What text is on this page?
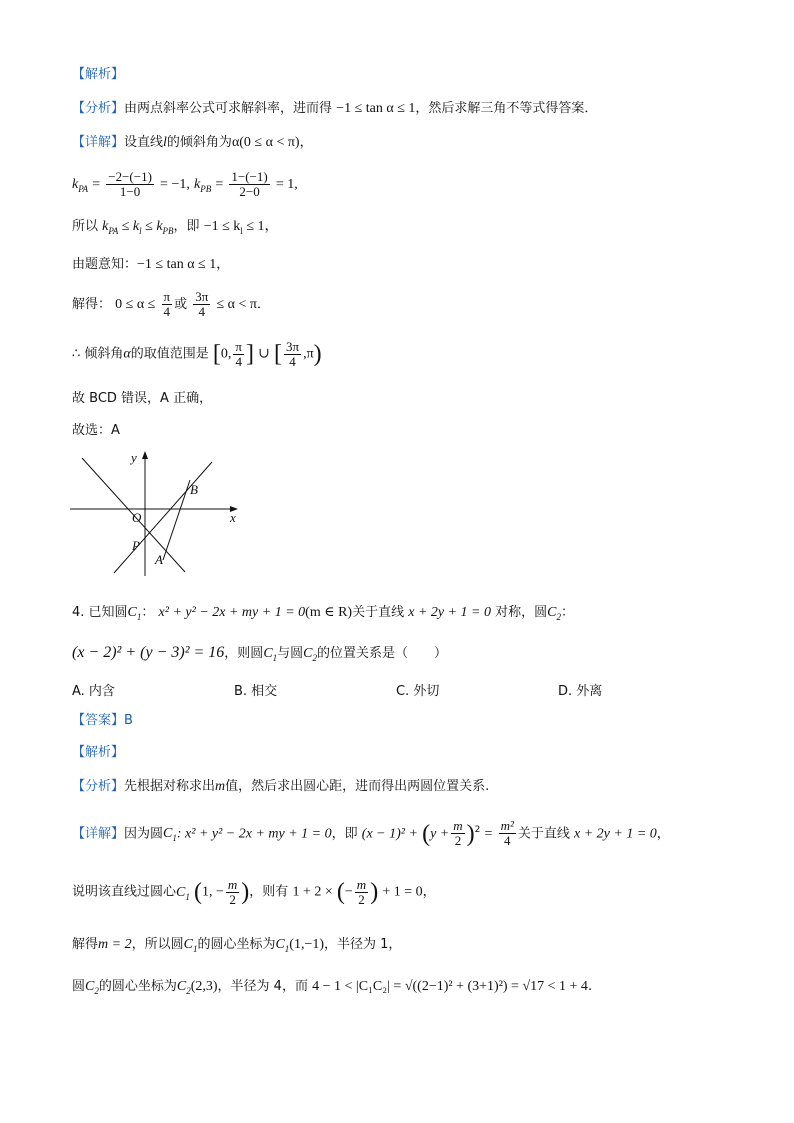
【解析】
【分析】由两点斜率公式可求解斜率，进而得 −1 ≤ tan α ≤ 1，然后求解三角不等式得答案．
【详解】设直线l的倾斜角为α(0 ≤ α < π)，
$k_{PA} = \frac{-2-(-1)}{1-0} = -1$, $k_{PB} = \frac{1-(-1)}{2-0} = 1$,
所以 $k_{PA} \le k_l \le k_{PB}$，即 $-1 \le k_l \le 1$，
由题意知：−1 ≤ tan α ≤ 1，
解得： $0 \le \alpha \le \frac{\pi}{4}$ 或 $\frac{3\pi}{4} \le \alpha < \pi$．
∴ 倾斜角α的取值范围是 [0, $\frac{\pi}{4}$ ] ∪ [ $\frac{3\pi}{4} ,\pi$)
故 BCD 错误，A 正确，
故选：A
x
y
O
P
A
B
4. 已知圆$C_1$： x² + y² − 2x + my + 1 = 0(m ∈ R)关于直线 x + 2y + 1 = 0 对称，圆$C_2$：
(x − 2)² + (y − 3)² = 16，则圆$C_1$与圆$C_2$的位置关系是（　　）
A. 内含	B. 相交	C. 外切	D. 外离
【答案】B
【解析】
【分析】先根据对称求出m值，然后求出圆心距，进而得出两圆位置关系.
【详解】因为圆$C_1$: x² + y² − 2x + my + 1 = 0，即 $(x - 1)^2 + (y + \frac{m}{2} )^2 = \frac{\text{m²}}{4}$ 关于直线 x + 2y + 1 = 0，
说明该直线过圆心$C_1$ (1, − $\frac{m}{2}$ )，则有 1 + 2 × (− $\frac{m}{2}$ ) + 1 = 0，
解得m = 2，所以圆$C_1$的圆心坐标为$C_1(1,-1)$，半径为 1，
圆$C_2$的圆心坐标为$C_2(2,3)$，半径为 4，而 4 − 1 < |C₁C₂| = √((2−1)² + (3+1)²) = √17 < 1 + 4.
